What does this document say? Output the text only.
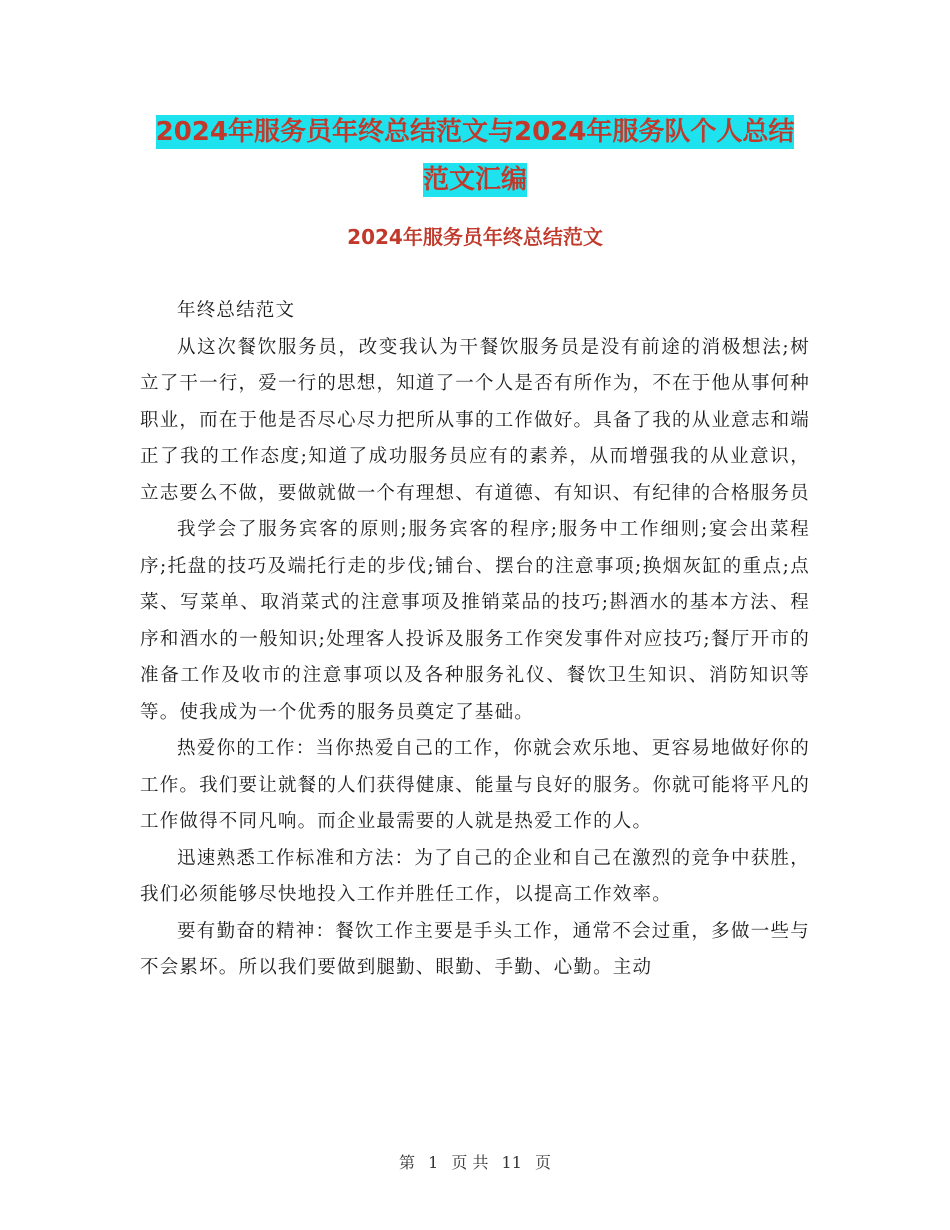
2024年服务员年终总结范文与2024年服务队个人总结
范文汇编
2024年服务员年终总结范文

年终总结范文

从这次餐饮服务员，改变我认为干餐饮服务员是没有前途的消极想法;树立了干一行，爱一行的思想，知道了一个人是否有所作为，不在于他从事何种职业，而在于他是否尽心尽力把所从事的工作做好。具备了我的从业意志和端正了我的工作态度;知道了成功服务员应有的素养，从而增强我的从业意识，立志要么不做，要做就做一个有理想、有道德、有知识、有纪律的合格服务员

我学会了服务宾客的原则;服务宾客的程序;服务中工作细则;宴会出菜程序;托盘的技巧及端托行走的步伐;铺台、摆台的注意事项;换烟灰缸的重点;点菜、写菜单、取消菜式的注意事项及推销菜品的技巧;斟酒水的基本方法、程序和酒水的一般知识;处理客人投诉及服务工作突发事件对应技巧;餐厅开市的准备工作及收市的注意事项以及各种服务礼仪、餐饮卫生知识、消防知识等等。使我成为一个优秀的服务员奠定了基础。

热爱你的工作：当你热爱自己的工作，你就会欢乐地、更容易地做好你的工作。我们要让就餐的人们获得健康、能量与良好的服务。你就可能将平凡的工作做得不同凡响。而企业最需要的人就是热爱工作的人。

迅速熟悉工作标准和方法：为了自己的企业和自己在激烈的竞争中获胜，我们必须能够尽快地投入工作并胜任工作，以提高工作效率。

要有勤奋的精神：餐饮工作主要是手头工作，通常不会过重，多做一些与不会累坏。所以我们要做到腿勤、眼勤、手勤、心勤。主动

第 1 页 共 11 页
